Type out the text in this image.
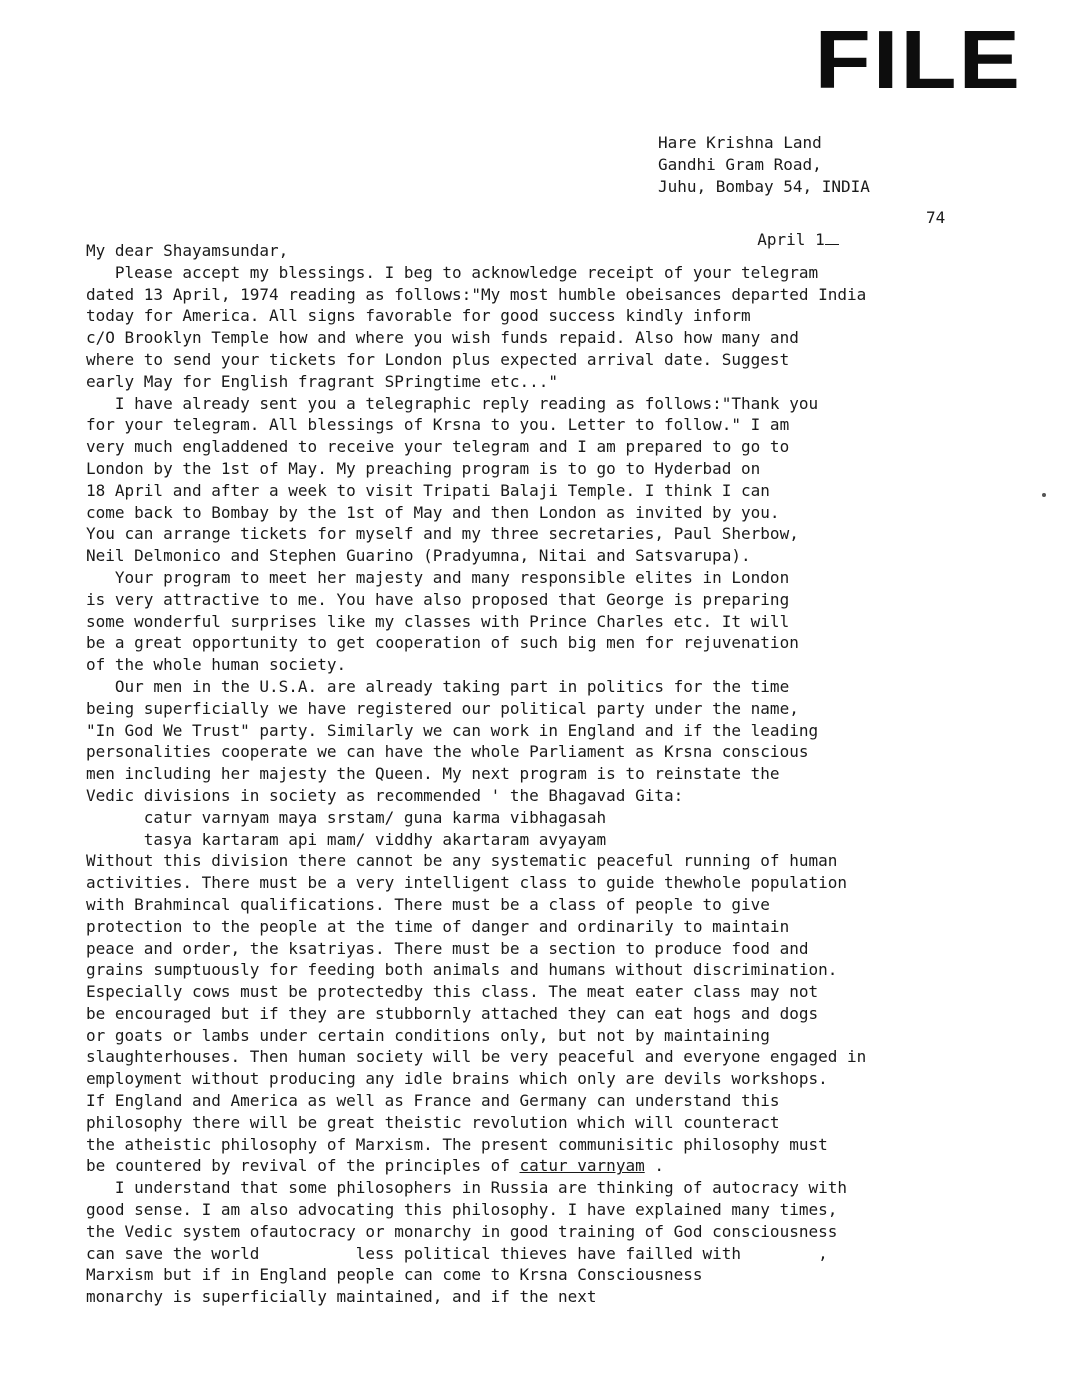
FILE
Hare Krishna Land
Gandhi Gram Road,
Juhu, Bombay 54, INDIA

April 1

74

My dear Shayamsundar,
Please accept my blessings. I beg to acknowledge receipt of your telegram
dated 13 April, 1974 reading as follows:"My most humble obeisances departed India
today for America. All signs favorable for good success kindly inform
c/O Brooklyn Temple how and where you wish funds repaid. Also how many and
where to send your tickets for London plus expected arrival date. Suggest
early May for English fragrant SPringtime etc..."
I have already sent you a telegraphic reply reading as follows:"Thank you
for your telegram. All blessings of Krsna to you. Letter to follow." I am
very much engladdened to receive your telegram and I am prepared to go to
London by the 1st of May. My preaching program is to go to Hyderbad on
18 April and after a week to visit Tripati Balaji Temple. I think I can
come back to Bombay by the 1st of May and then London as invited by you.
You can arrange tickets for myself and my three secretaries, Paul Sherbow,
Neil Delmonico and Stephen Guarino (Pradyumna, Nitai and Satsvarupa).
Your program to meet her majesty and many responsible elites in London
is very attractive to me. You have also proposed that George is preparing
some wonderful surprises like my classes with Prince Charles etc. It will
be a great opportunity to get cooperation of such big men for rejuvenation
of the whole human society.
Our men in the U.S.A. are already taking part in politics for the time
being superficially we have registered our political party under the name,
"In God We Trust" party. Similarly we can work in England and if the leading
personalities cooperate we can have the whole Parliament as Krsna conscious
men including her majesty the Queen. My next program is to reinstate the
Vedic divisions in society as recommended ' the Bhagavad Gita:
catur varnyam maya srstam/ guna karma vibhagasah
tasya kartaram api mam/ viddhy akartaram avyayam
Without this division there cannot be any systematic peaceful running of human
activities. There must be a very intelligent class to guide thewhole population
with Brahmincal qualifications. There must be a class of people to give
protection to the people at the time of danger and ordinarily to maintain
peace and order, the ksatriyas. There must be a section to produce food and
grains sumptuously for feeding both animals and humans without discrimination.
Especially cows must be protectedby this class. The meat eater class may not
be encouraged but if they are stubbornly attached they can eat hogs and dogs
or goats or lambs under certain conditions only, but not by maintaining
slaughterhouses. Then human society will be very peaceful and everyone engaged in
employment without producing any idle brains which only are devils workshops.
If England and America as well as France and Germany can understand this
philosophy there will be great theistic revolution which will counteract
the atheistic philosophy of Marxism. The present communisitic philosophy must
be countered by revival of the principles of catur varnyam .
I understand that some philosophers in Russia are thinking of autocracy with
good sense. I am also advocating this philosophy. I have explained many times,
the Vedic system ofautocracy or monarchy in good training of God consciousness
can save the world          less political thieves have failled with        ,
Marxism but if in England people can come to Krsna Consciousness
monarchy is superficially maintained, and if the next
